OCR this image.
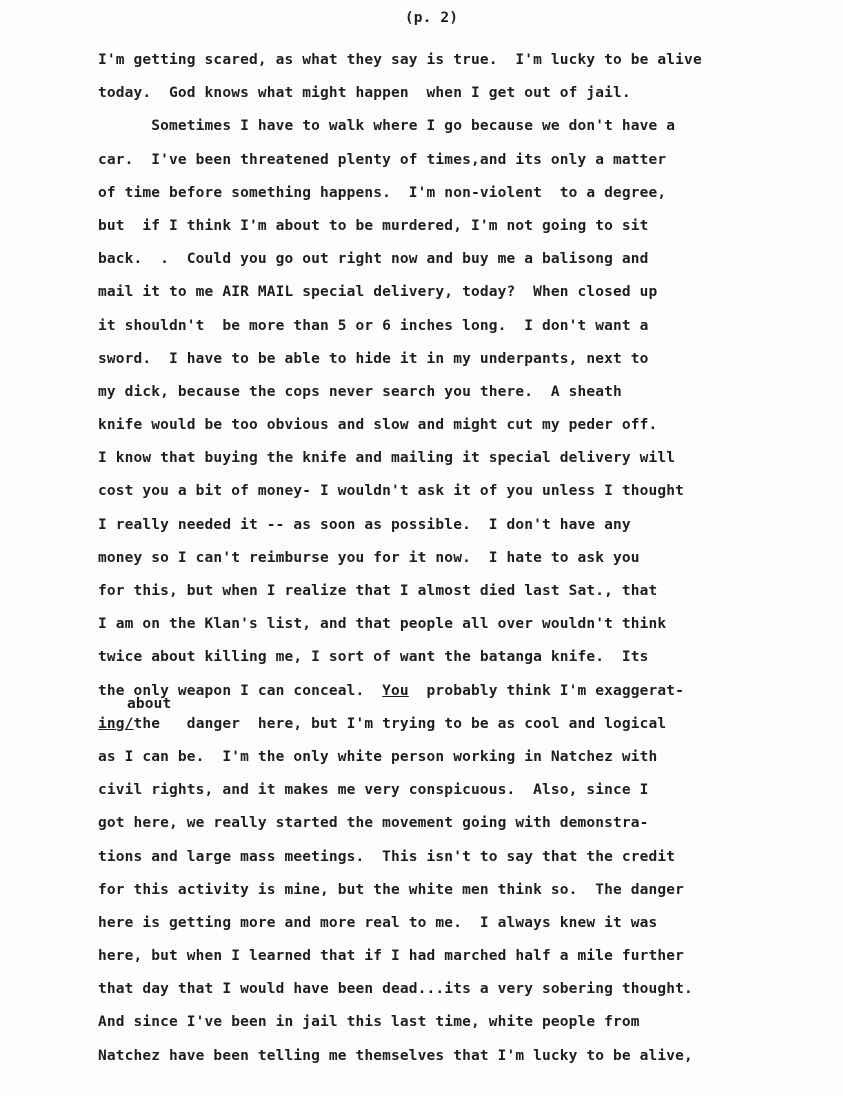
(p. 2)

I'm getting scared, as what they say is true.  I'm lucky to be alive
today.  God knows what might happen  when I get out of jail.
Sometimes I have to walk where I go because we don't have a
car.  I've been threatened plenty of times,and its only a matter
of time before something happens.  I'm non-violent  to a degree,
but  if I think I'm about to be murdered, I'm not going to sit
back.  .  Could you go out right now and buy me a balisong and
mail it to me AIR MAIL special delivery, today?  When closed up
it shouldn't  be more than 5 or 6 inches long.  I don't want a
sword.  I have to be able to hide it in my underpants, next to
my dick, because the cops never search you there.  A sheath
knife would be too obvious and slow and might cut my peder off.
I know that buying the knife and mailing it special delivery will
cost you a bit of money- I wouldn't ask it of you unless I thought
I really needed it -- as soon as possible.  I don't have any
money so I can't reimburse you for it now.  I hate to ask you
for this, but when I realize that I almost died last Sat., that
I am on the Klan's list, and that people all over wouldn't think
twice about killing me, I sort of want the batanga knife.  Its
the only weapon I can conceal.  You  probably think I'm exaggerat-
about
ing/the   danger  here, but I'm trying to be as cool and logical
as I can be.  I'm the only white person working in Natchez with
civil rights, and it makes me very conspicuous.  Also, since I
got here, we really started the movement going with demonstra-
tions and large mass meetings.  This isn't to say that the credit
for this activity is mine, but the white men think so.  The danger
here is getting more and more real to me.  I always knew it was
here, but when I learned that if I had marched half a mile further
that day that I would have been dead...its a very sobering thought.
And since I've been in jail this last time, white people from
Natchez have been telling me themselves that I'm lucky to be alive,
